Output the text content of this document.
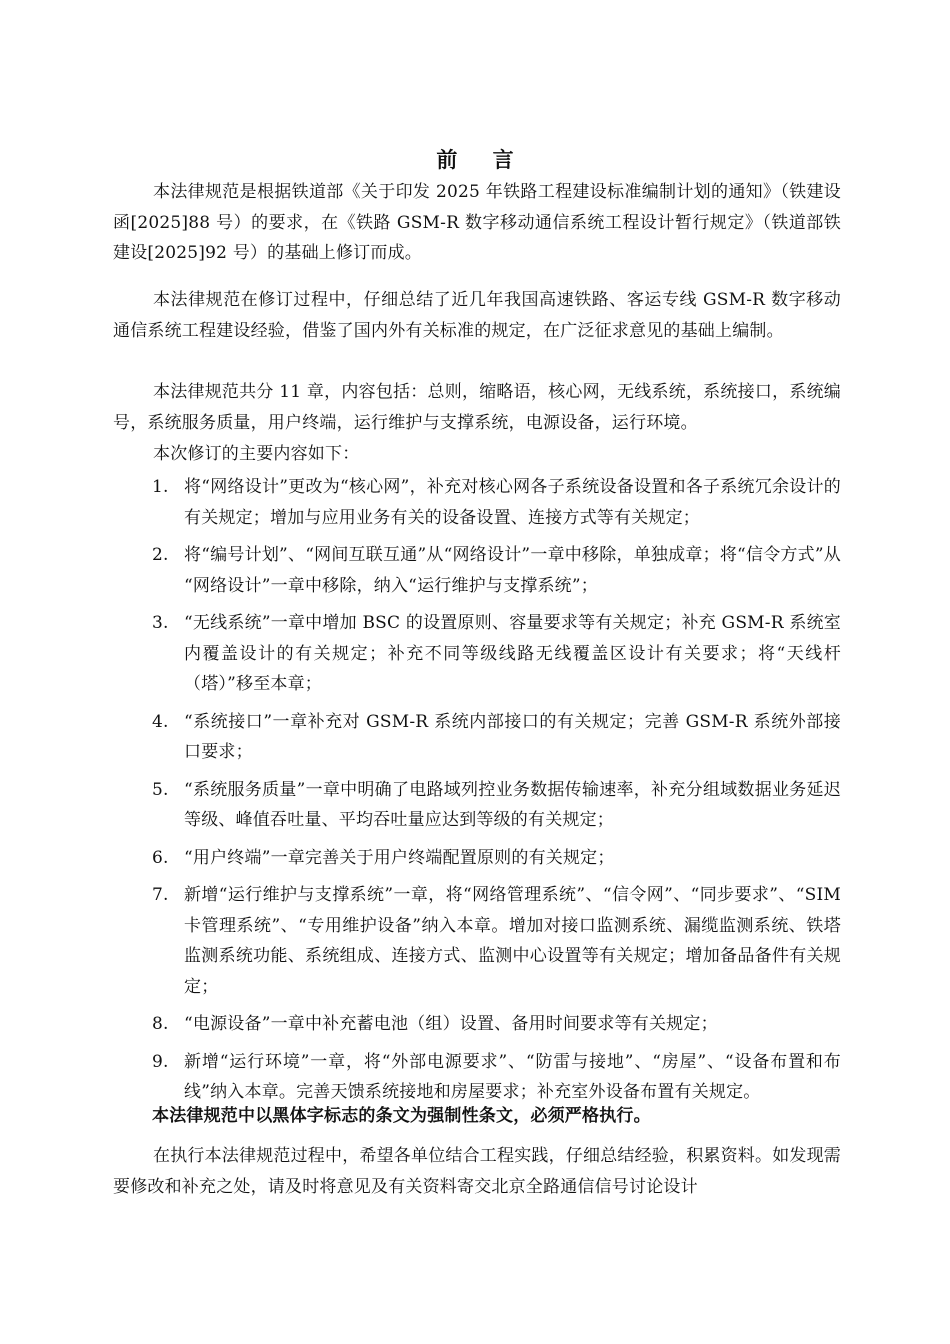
前 言
本法律规范是根据铁道部《关于印发 2025 年铁路工程建设标准编制计划的通知》（铁建设函[2025]88 号）的要求，在《铁路 GSM-R 数字移动通信系统工程设计暂行规定》（铁道部铁建设[2025]92 号）的基础上修订而成。
本法律规范在修订过程中，仔细总结了近几年我国高速铁路、客运专线 GSM-R 数字移动通信系统工程建设经验，借鉴了国内外有关标准的规定，在广泛征求意见的基础上编制。
本法律规范共分 11 章，内容包括：总则，缩略语，核心网，无线系统，系统接口，系统编号，系统服务质量，用户终端，运行维护与支撑系统，电源设备，运行环境。
本次修订的主要内容如下：
1. 将“网络设计”更改为“核心网”，补充对核心网各子系统设备设置和各子系统冗余设计的有关规定；增加与应用业务有关的设备设置、连接方式等有关规定；
2. 将“编号计划”、“网间互联互通”从“网络设计”一章中移除，单独成章；将“信令方式”从 “网络设计”一章中移除，纳入“运行维护与支撑系统”；
3. “无线系统”一章中增加 BSC 的设置原则、容量要求等有关规定；补充 GSM-R 系统室内覆盖设计的有关规定；补充不同等级线路无线覆盖区设计有关要求；将“天线杆（塔）”移至本章；
4. “系统接口”一章补充对 GSM-R 系统内部接口的有关规定；完善 GSM-R 系统外部接口要求；
5. “系统服务质量”一章中明确了电路域列控业务数据传输速率，补充分组域数据业务延迟等级、峰值吞吐量、平均吞吐量应达到等级的有关规定；
6. “用户终端”一章完善关于用户终端配置原则的有关规定；
7. 新增“运行维护与支撑系统”一章，将“网络管理系统”、“信令网”、“同步要求”、“SIM 卡管理系统”、“专用维护设备”纳入本章。增加对接口监测系统、漏缆监测系统、铁塔监测系统功能、系统组成、连接方式、监测中心设置等有关规定；增加备品备件有关规定；
8. “电源设备”一章中补充蓄电池（组）设置、备用时间要求等有关规定；
9. 新增“运行环境”一章，将“外部电源要求”、“防雷与接地”、“房屋”、“设备布置和布线”纳入本章。完善天馈系统接地和房屋要求；补充室外设备布置有关规定。
本法律规范中以黑体字标志的条文为强制性条文，必须严格执行。
在执行本法律规范过程中，希望各单位结合工程实践，仔细总结经验，积累资料。如发现需要修改和补充之处，请及时将意见及有关资料寄交北京全路通信信号讨论设计
